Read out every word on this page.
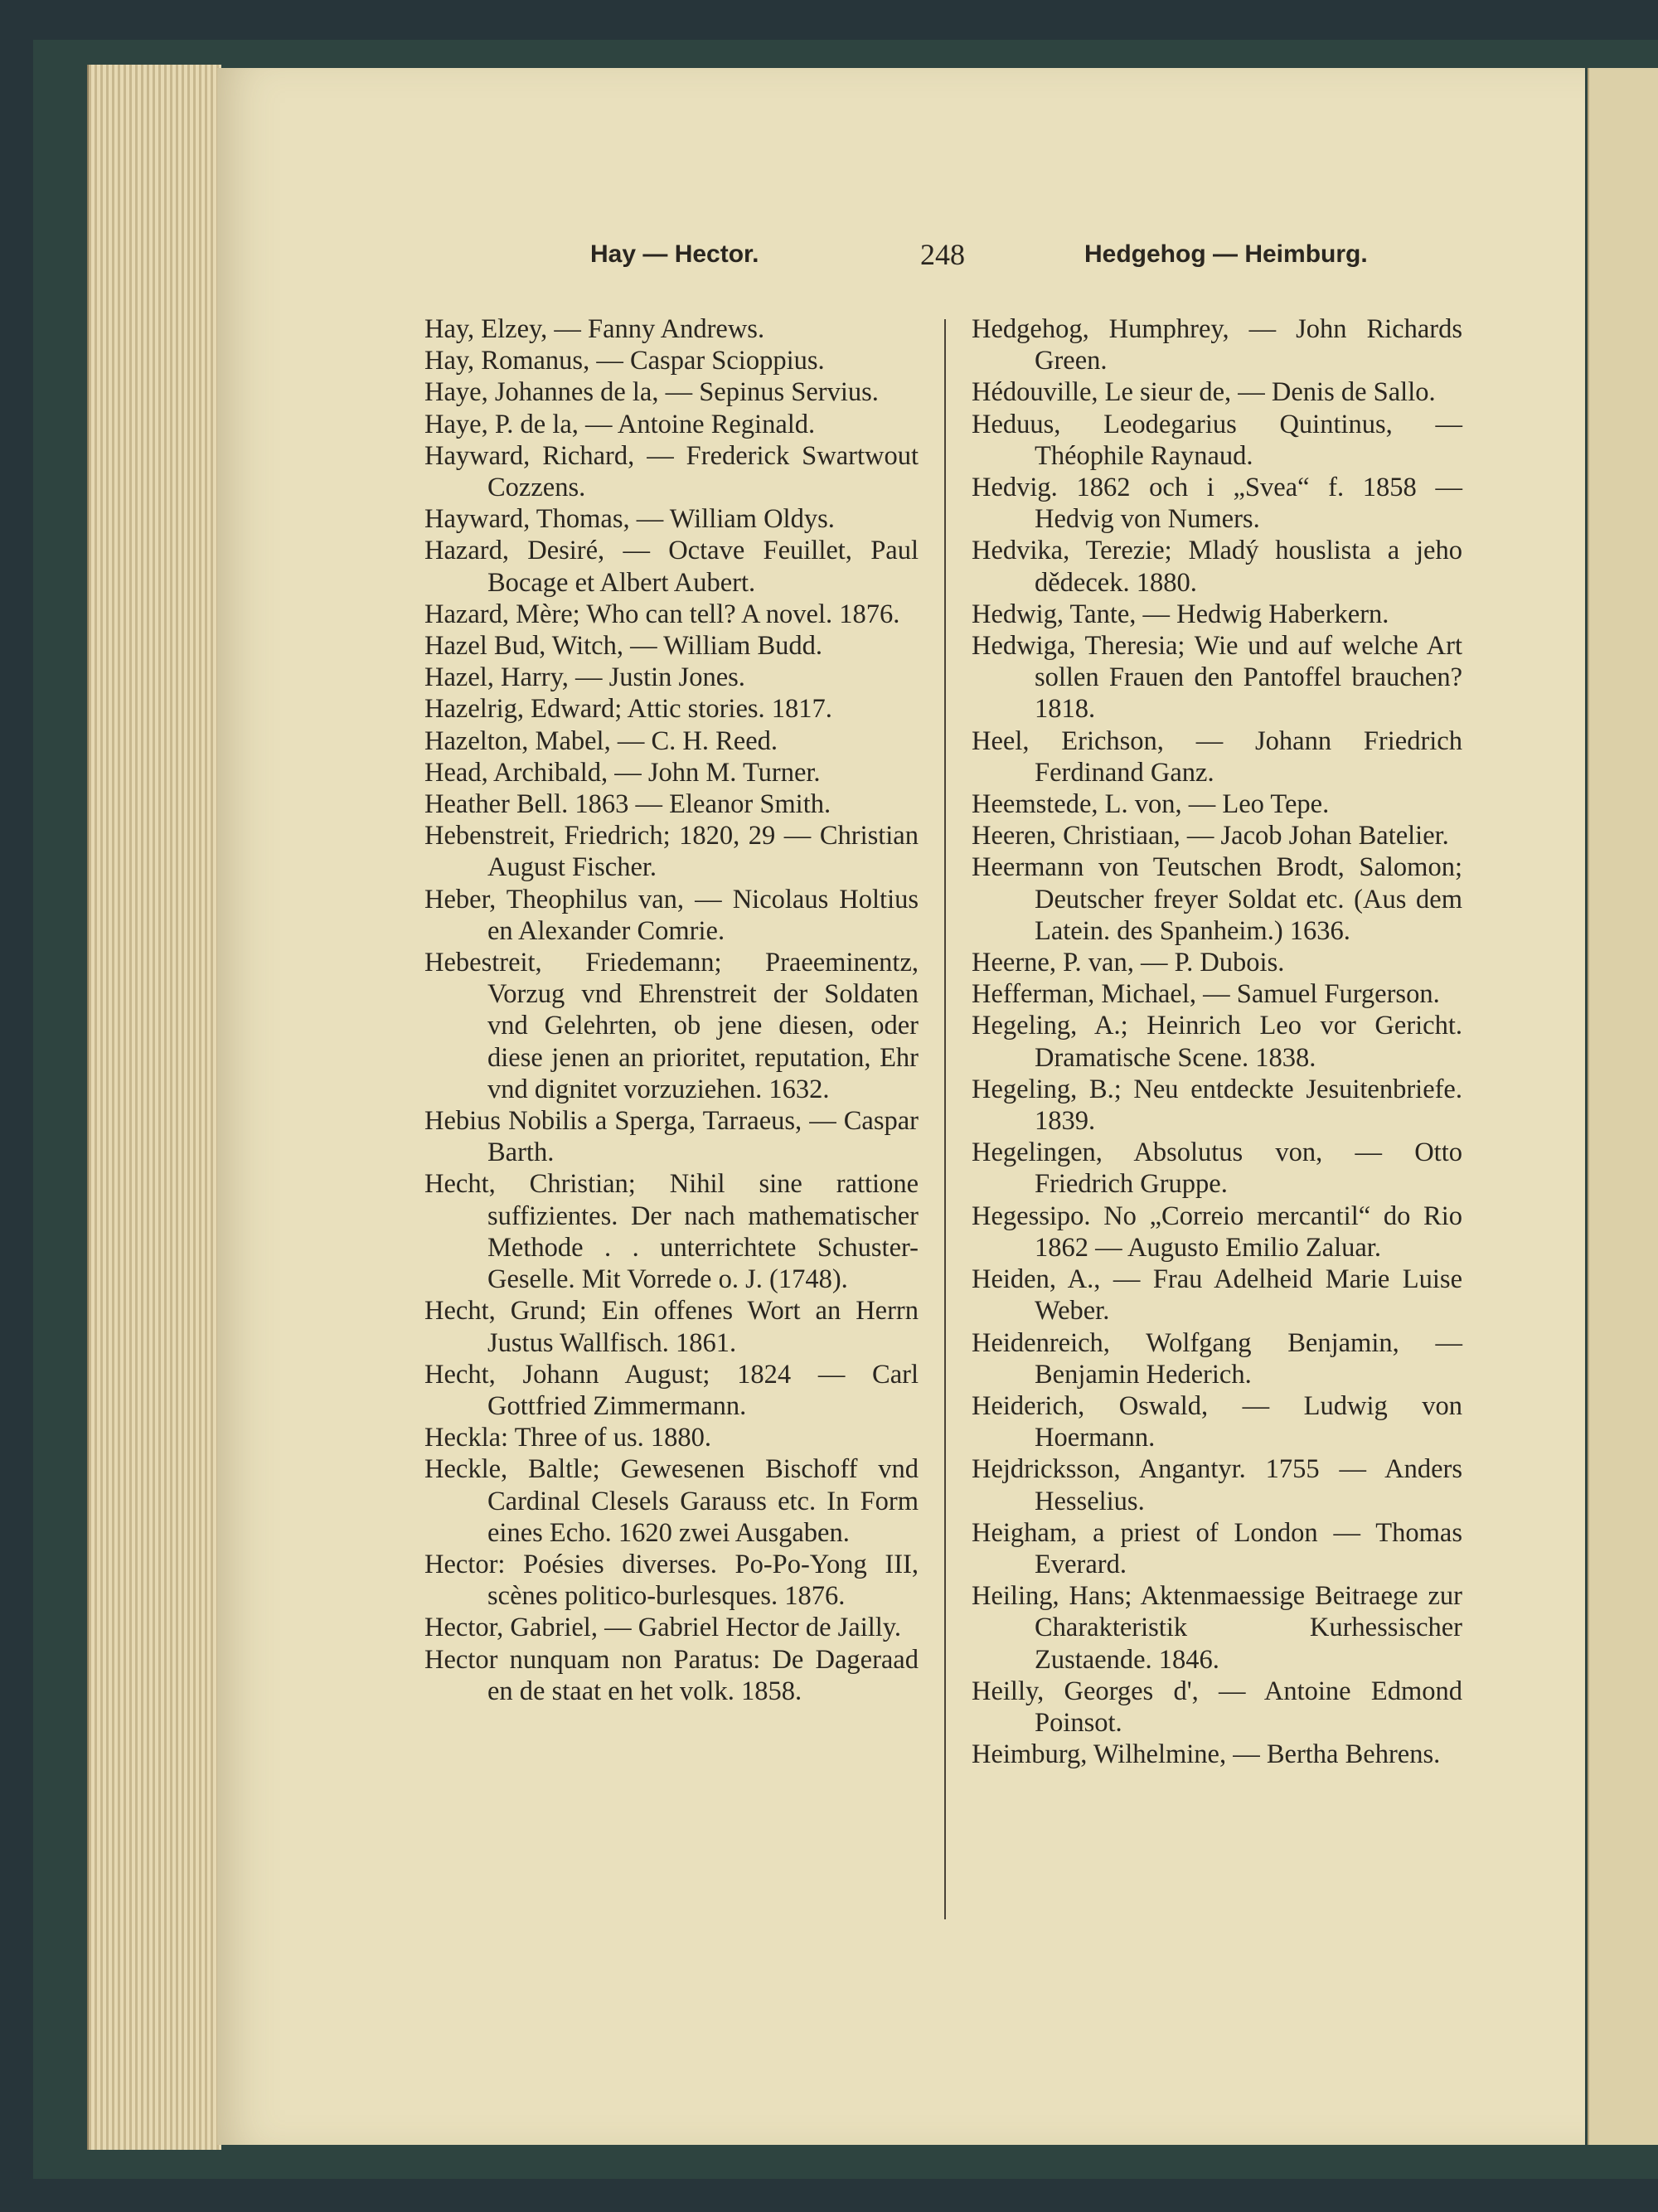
Hay — Hector.	248	Hedgehog — Heimburg.
Hay, Elzey, — Fanny Andrews.
Hay, Romanus, — Caspar Scioppius.
Haye, Johannes de la, — Sepinus Servius.
Haye, P. de la, — Antoine Reginald.
Hayward, Richard, — Frederick Swartwout Cozzens.
Hayward, Thomas, — William Oldys.
Hazard, Desiré, — Octave Feuillet, Paul Bocage et Albert Aubert.
Hazard, Mère; Who can tell? A novel. 1876.
Hazel Bud, Witch, — William Budd.
Hazel, Harry, — Justin Jones.
Hazelrig, Edward; Attic stories. 1817.
Hazelton, Mabel, — C. H. Reed.
Head, Archibald, — John M. Turner.
Heather Bell. 1863 — Eleanor Smith.
Hebenstreit, Friedrich; 1820, 29 — Christian August Fischer.
Heber, Theophilus van, — Nicolaus Holtius en Alexander Comrie.
Hebestreit, Friedemann; Praeeminentz, Vorzug vnd Ehrenstreit der Soldaten vnd Gelehrten, ob jene diesen, oder diese jenen an prioritet, reputation, Ehr vnd dignitet vorzuziehen. 1632.
Hebius Nobilis a Sperga, Tarraeus, — Caspar Barth.
Hecht, Christian; Nihil sine rattione suffizientes. Der nach mathematischer Methode . . unterrichtete Schuster-Geselle. Mit Vorrede o. J. (1748).
Hecht, Grund; Ein offenes Wort an Herrn Justus Wallfisch. 1861.
Hecht, Johann August; 1824 — Carl Gottfried Zimmermann.
Heckla: Three of us. 1880.
Heckle, Baltle; Gewesenen Bischoff vnd Cardinal Clesels Garauss etc. In Form eines Echo. 1620 zwei Ausgaben.
Hector: Poésies diverses. Po-Po-Yong III, scènes politico-burlesques. 1876.
Hector, Gabriel, — Gabriel Hector de Jailly.
Hector nunquam non Paratus: De Dageraad en de staat en het volk. 1858.
Hedgehog, Humphrey, — John Richards Green.
Hédouville, Le sieur de, — Denis de Sallo.
Heduus, Leodegarius Quintinus, — Théophile Raynaud.
Hedvig. 1862 och i „Svea“ f. 1858 — Hedvig von Numers.
Hedvika, Terezie; Mladý houslista a jeho dědecek. 1880.
Hedwig, Tante, — Hedwig Haberkern.
Hedwiga, Theresia; Wie und auf welche Art sollen Frauen den Pantoffel brauchen? 1818.
Heel, Erichson, — Johann Friedrich Ferdinand Ganz.
Heemstede, L. von, — Leo Tepe.
Heeren, Christiaan, — Jacob Johan Batelier.
Heermann von Teutschen Brodt, Salomon; Deutscher freyer Soldat etc. (Aus dem Latein. des Spanheim.) 1636.
Heerne, P. van, — P. Dubois.
Hefferman, Michael, — Samuel Furgerson.
Hegeling, A.; Heinrich Leo vor Gericht. Dramatische Scene. 1838.
Hegeling, B.; Neu entdeckte Jesuitenbriefe. 1839.
Hegelingen, Absolutus von, — Otto Friedrich Gruppe.
Hegessipo. No „Correio mercantil“ do Rio 1862 — Augusto Emilio Zaluar.
Heiden, A., — Frau Adelheid Marie Luise Weber.
Heidenreich, Wolfgang Benjamin, — Benjamin Hederich.
Heiderich, Oswald, — Ludwig von Hoermann.
Hejdricksson, Angantyr. 1755 — Anders Hesselius.
Heigham, a priest of London — Thomas Everard.
Heiling, Hans; Aktenmaessige Beitraege zur Charakteristik Kurhessischer Zustaende. 1846.
Heilly, Georges d', — Antoine Edmond Poinsot.
Heimburg, Wilhelmine, — Bertha Behrens.
